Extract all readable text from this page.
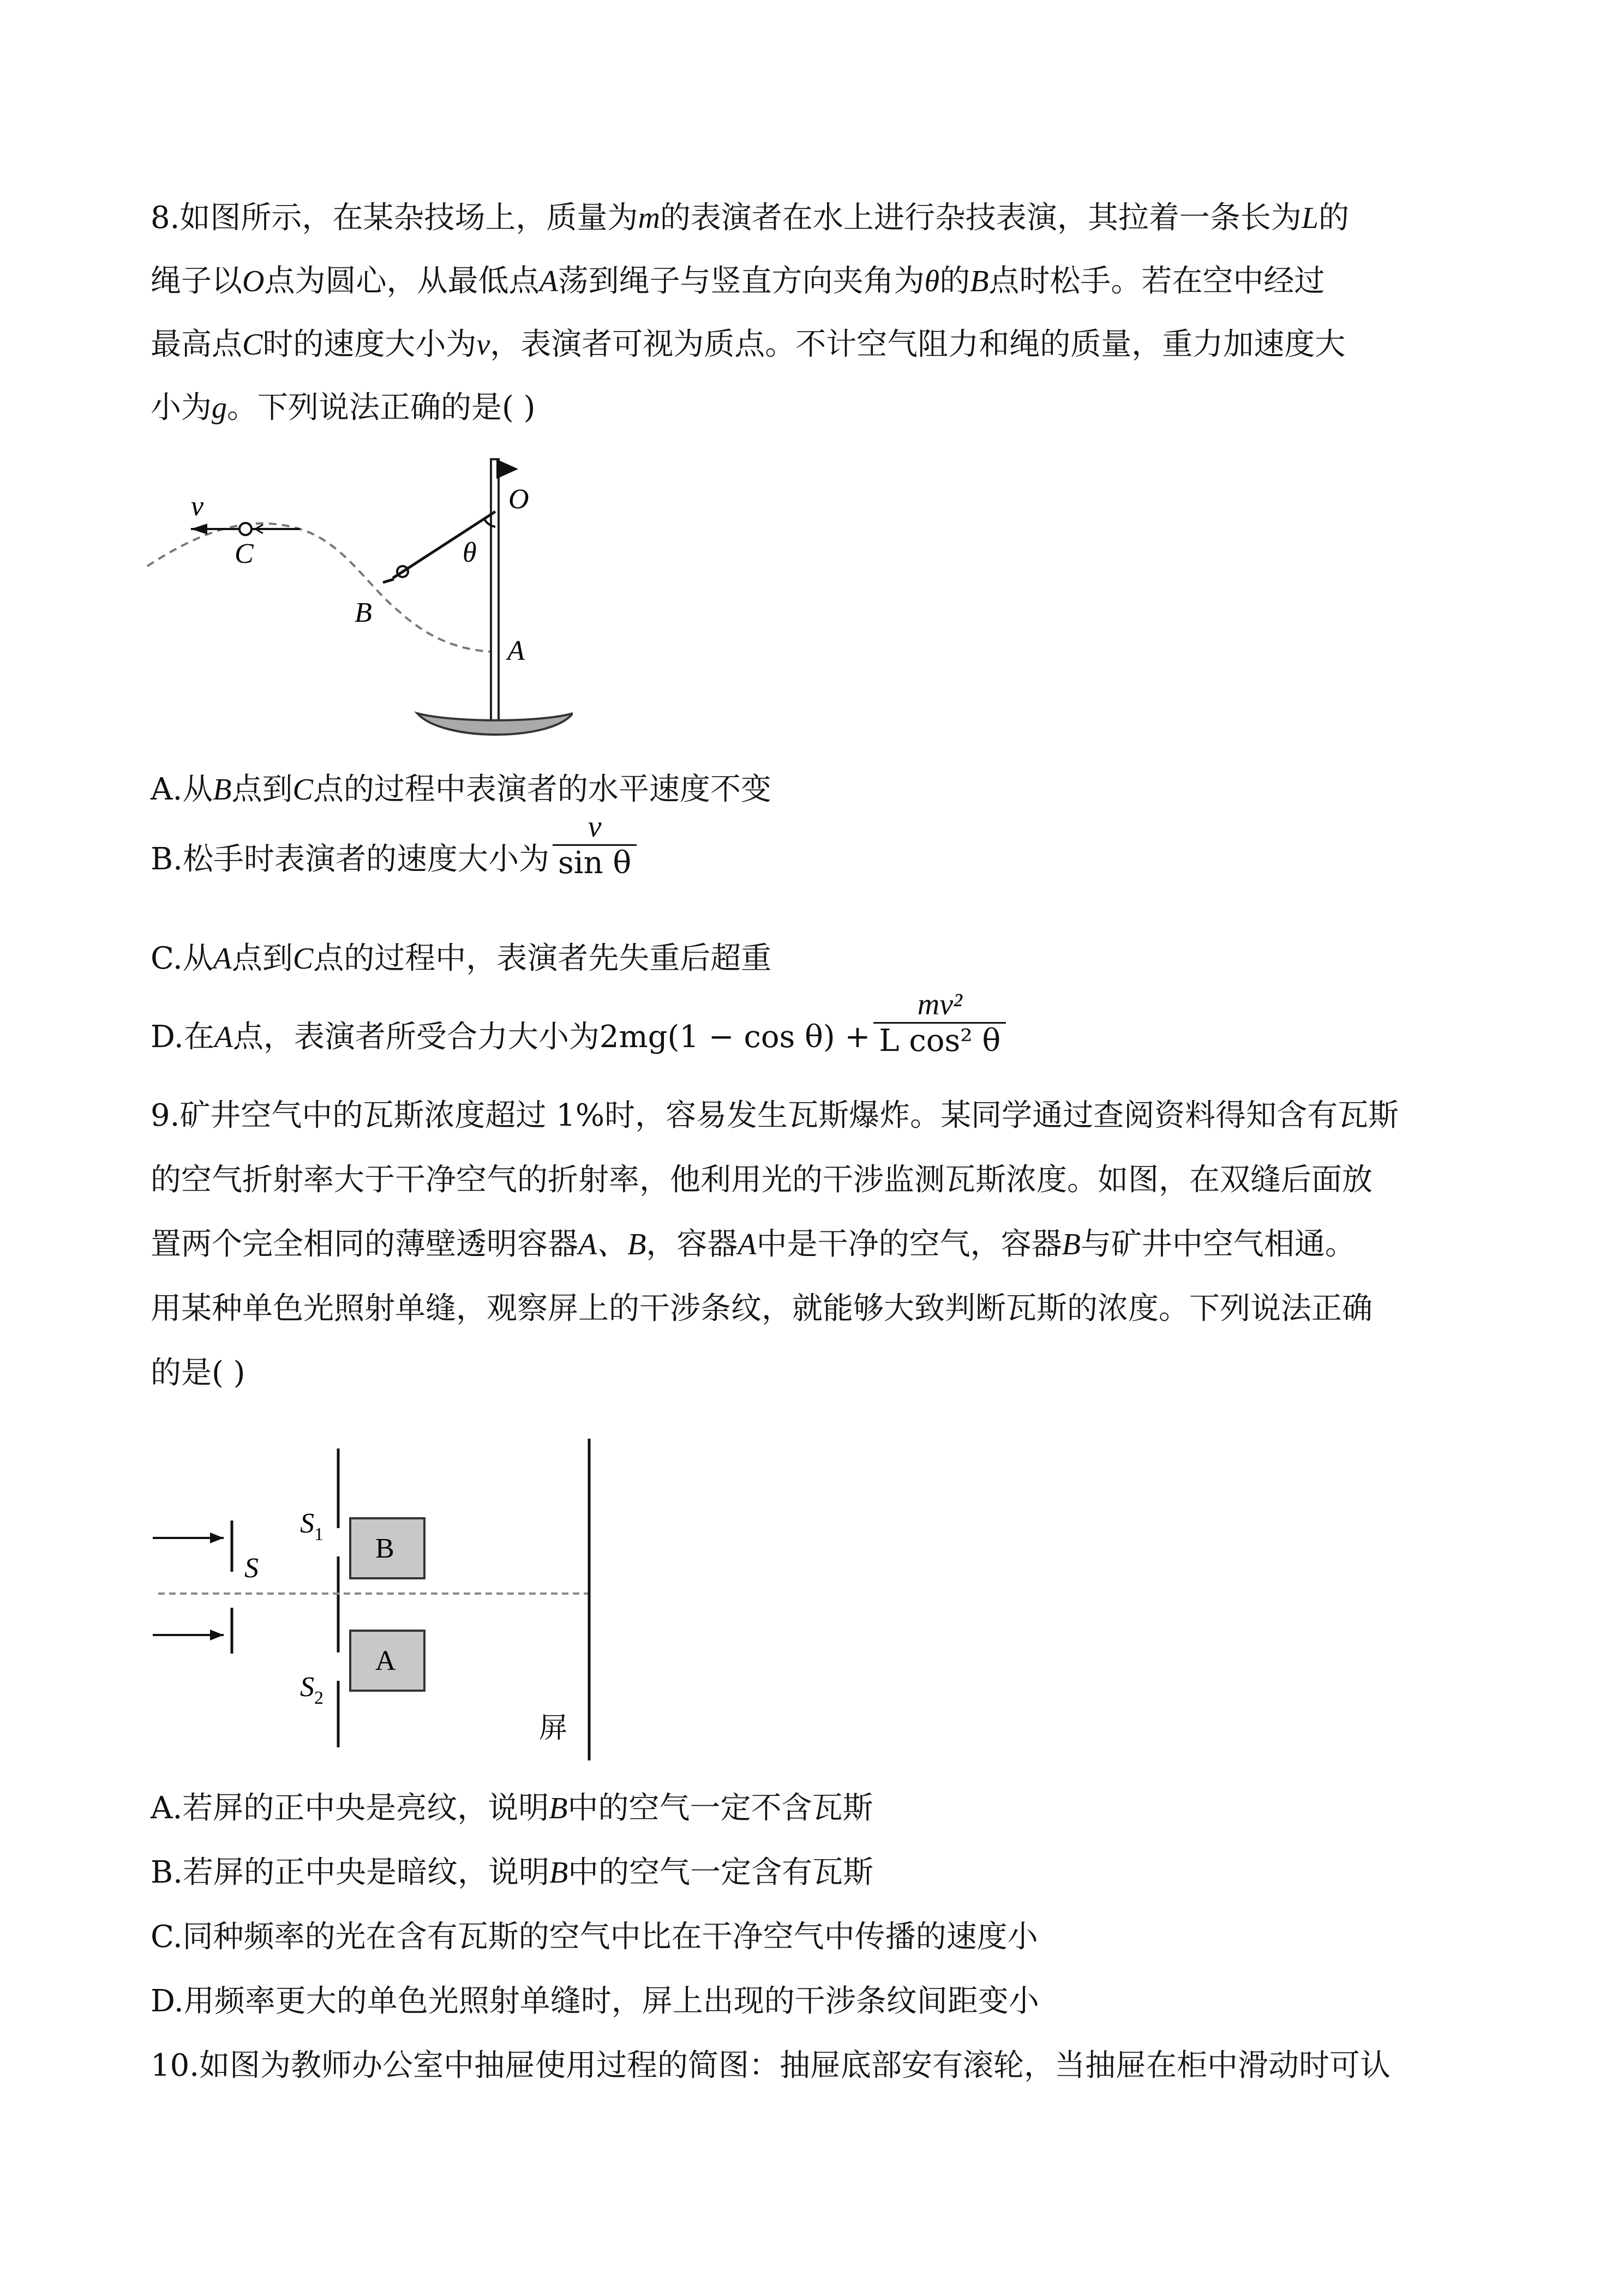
8.如图所示，在某杂技场上，质量为m的表演者在水上进行杂技表演，其拉着一条长为L的
绳子以O点为圆心，从最低点A荡到绳子与竖直方向夹角为θ的B点时松手。若在空中经过
最高点C时的速度大小为v，表演者可视为质点。不计空气阻力和绳的质量，重力加速度大
小为g。下列说法正确的是( )
v
C
O
θ
B
A
A.从B点到C点的过程中表演者的水平速度不变
B.松手时表演者的速度大小为 $\frac{v}{\text{sin θ}}$
C.从A点到C点的过程中，表演者先失重后超重
D.在A点，表演者所受合力大小为$2mg(1 - \cos \theta) + \frac{\text{mv²}}{\text{L cos² θ}}$
9.矿井空气中的瓦斯浓度超过 1%时，容易发生瓦斯爆炸。某同学通过查阅资料得知含有瓦斯
的空气折射率大于干净空气的折射率，他利用光的干涉监测瓦斯浓度。如图，在双缝后面放
置两个完全相同的薄壁透明容器A、B，容器A中是干净的空气，容器B与矿井中空气相通。
用某种单色光照射单缝，观察屏上的干涉条纹，就能够大致判断瓦斯的浓度。下列说法正确
的是( )
B
A
S 1
S
S 2
屏
A.若屏的正中央是亮纹，说明B中的空气一定不含瓦斯
B.若屏的正中央是暗纹，说明B中的空气一定含有瓦斯
C.同种频率的光在含有瓦斯的空气中比在干净空气中传播的速度小
D.用频率更大的单色光照射单缝时，屏上出现的干涉条纹间距变小
10.如图为教师办公室中抽屉使用过程的简图：抽屉底部安有滚轮，当抽屉在柜中滑动时可认
